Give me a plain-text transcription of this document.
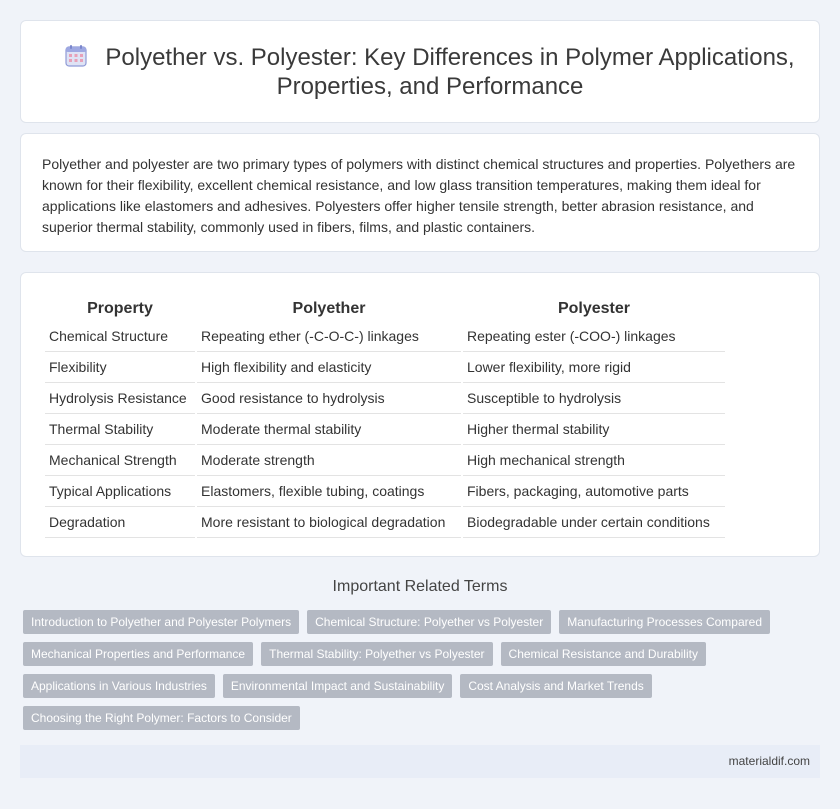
Polyether vs. Polyester: Key Differences in Polymer Applications, Properties, and Performance

Polyether and polyester are two primary types of polymers with distinct chemical structures and properties. Polyethers are known for their flexibility, excellent chemical resistance, and low glass transition temperatures, making them ideal for applications like elastomers and adhesives. Polyesters offer higher tensile strength, better abrasion resistance, and superior thermal stability, commonly used in fibers, films, and plastic containers.

Property	Polyether	Polyester
Chemical Structure	Repeating ether (-C-O-C-) linkages	Repeating ester (-COO-) linkages
Flexibility	High flexibility and elasticity	Lower flexibility, more rigid
Hydrolysis Resistance	Good resistance to hydrolysis	Susceptible to hydrolysis
Thermal Stability	Moderate thermal stability	Higher thermal stability
Mechanical Strength	Moderate strength	High mechanical strength
Typical Applications	Elastomers, flexible tubing, coatings	Fibers, packaging, automotive parts
Degradation	More resistant to biological degradation	Biodegradable under certain conditions
Important Related Terms
Introduction to Polyether and Polyester Polymers	Chemical Structure: Polyether vs Polyester	Manufacturing Processes Compared
Mechanical Properties and Performance	Thermal Stability: Polyether vs Polyester	Chemical Resistance and Durability
Applications in Various Industries	Environmental Impact and Sustainability	Cost Analysis and Market Trends
Choosing the Right Polymer: Factors to Consider
materialdif.com
